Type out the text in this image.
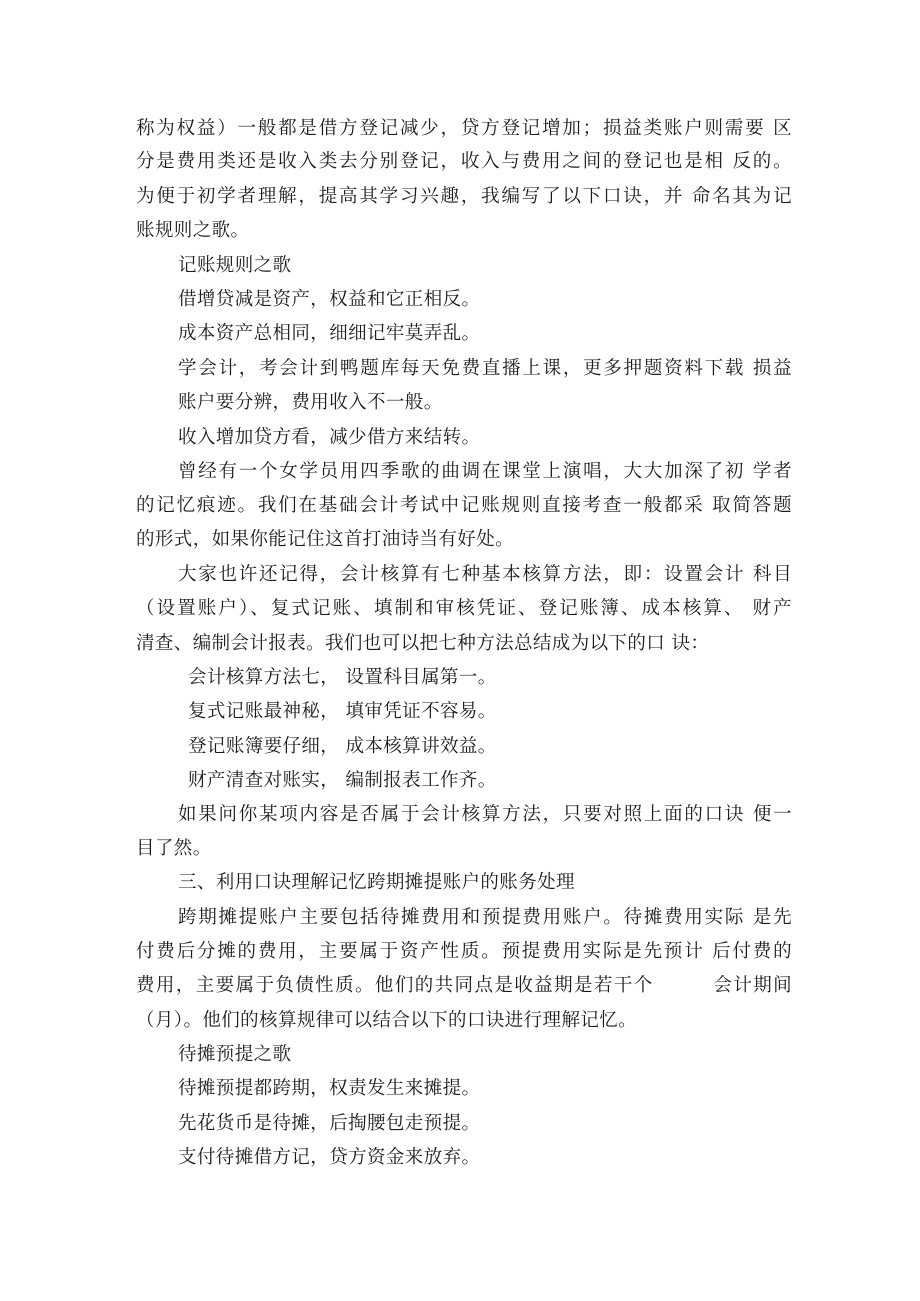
称为权益）一般都是借方登记减少，贷方登记增加；损益类账户则需要 区
分是费用类还是收入类去分别登记，收入与费用之间的登记也是相 反的。
为便于初学者理解，提高其学习兴趣，我编写了以下口诀，并 命名其为记
账规则之歌。
记账规则之歌
借增贷减是资产，权益和它正相反。
成本资产总相同，细细记牢莫弄乱。
学会计，考会计到鸭题库每天免费直播上课，更多押题资料下载 损益
账户要分辨，费用收入不一般。
收入增加贷方看，减少借方来结转。
曾经有一个女学员用四季歌的曲调在课堂上演唱，大大加深了初 学者
的记忆痕迹。我们在基础会计考试中记账规则直接考查一般都采 取简答题
的形式，如果你能记住这首打油诗当有好处。
大家也许还记得，会计核算有七种基本核算方法，即：设置会计 科目
（设置账户）、复式记账、填制和审核凭证、登记账簿、成本核算、 财产
清查、编制会计报表。我们也可以把七种方法总结成为以下的口 诀：
会计核算方法七， 设置科目属第一。
复式记账最神秘， 填审凭证不容易。
登记账簿要仔细， 成本核算讲效益。
财产清查对账实， 编制报表工作齐。
如果问你某项内容是否属于会计核算方法，只要对照上面的口诀 便一
目了然。
三、利用口诀理解记忆跨期摊提账户的账务处理
跨期摊提账户主要包括待摊费用和预提费用账户。待摊费用实际 是先
付费后分摊的费用，主要属于资产性质。预提费用实际是先预计 后付费的
费用，主要属于负债性质。他们的共同点是收益期是若干个　　　会计期间
（月）。他们的核算规律可以结合以下的口诀进行理解记忆。
待摊预提之歌
待摊预提都跨期，权责发生来摊提。
先花货币是待摊，后掏腰包走预提。
支付待摊借方记，贷方资金来放弃。
